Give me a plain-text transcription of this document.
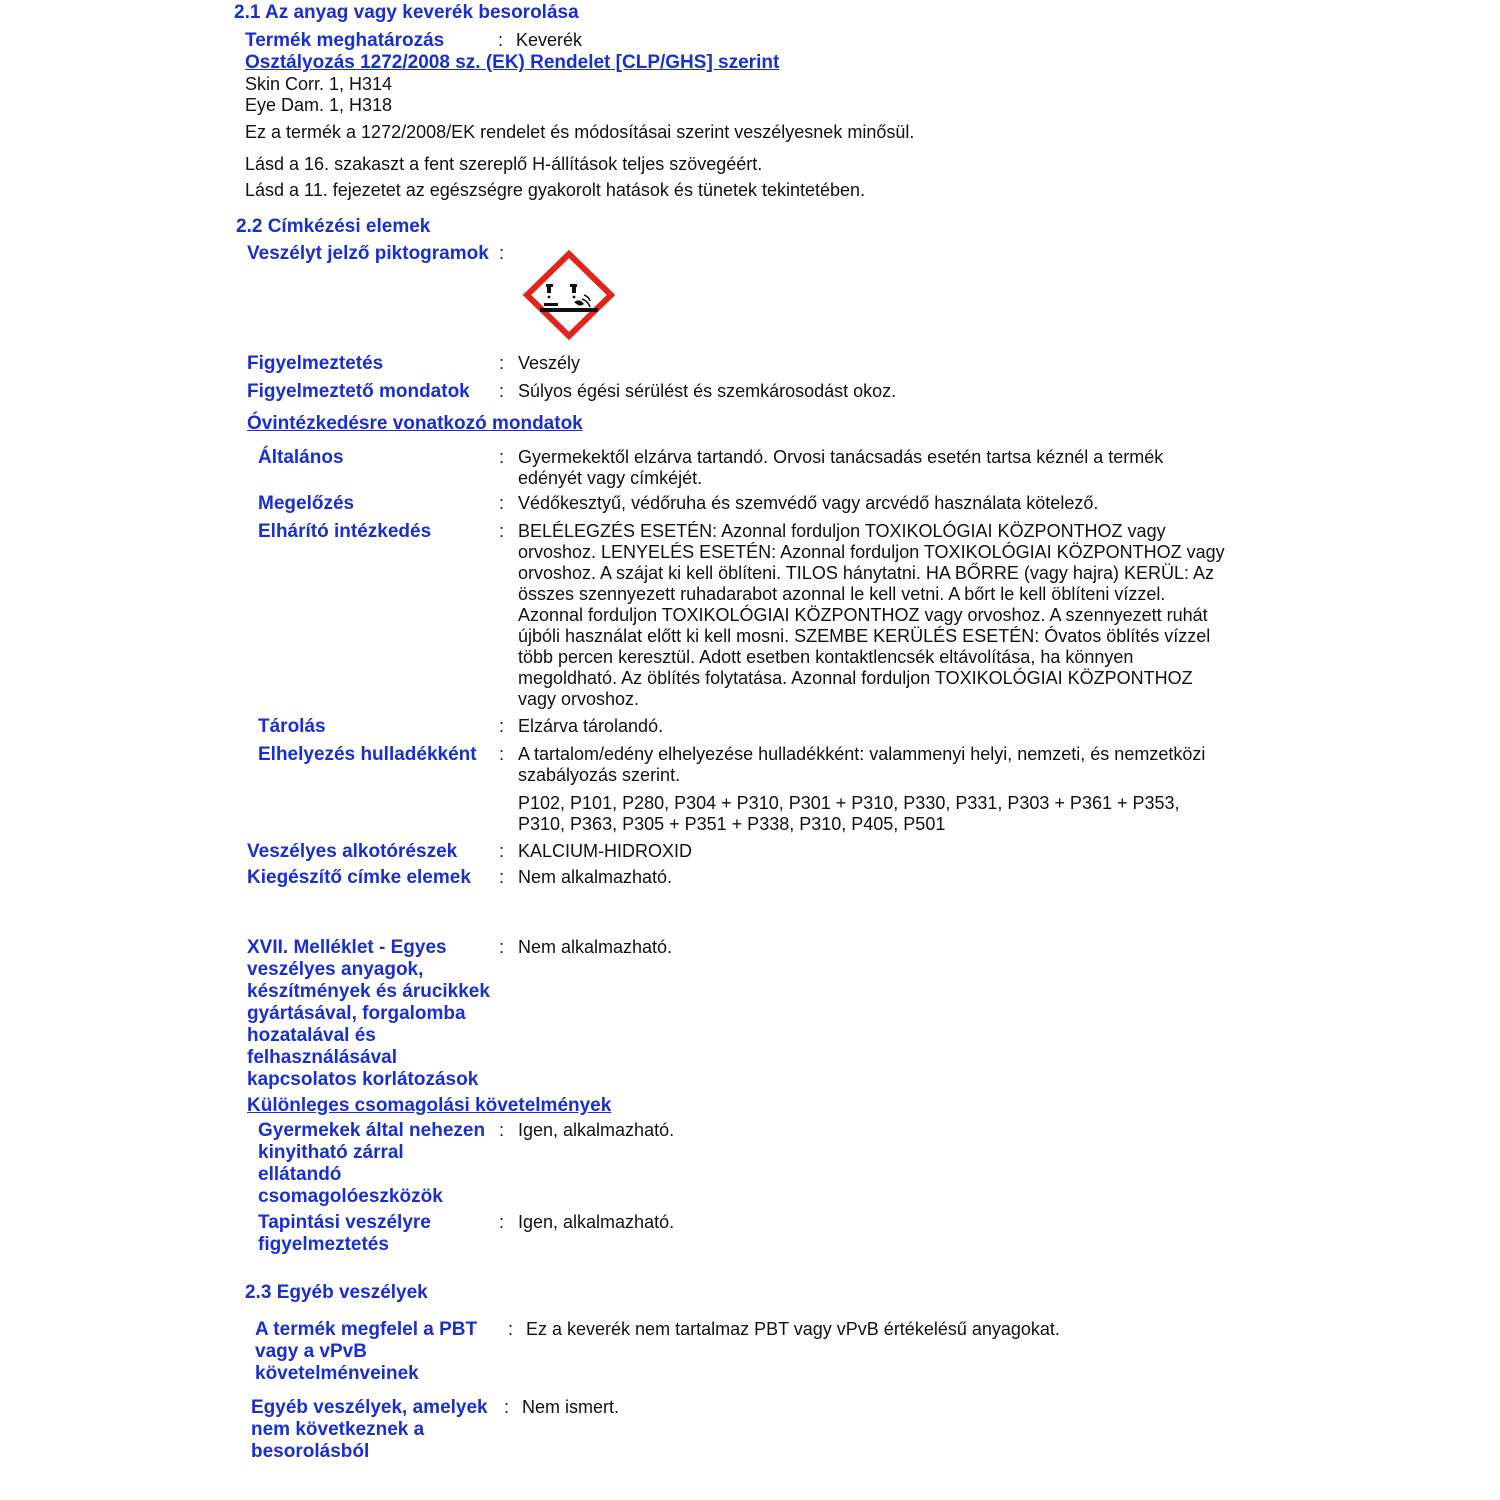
2.1 Az anyag vagy keverék besorolása
Termék meghatározás	: Keverék
Osztályozás 1272/2008 sz. (EK) Rendelet [CLP/GHS] szerint
Skin Corr. 1, H314
Eye Dam. 1, H318
Ez a termék a 1272/2008/EK rendelet és módosításai szerint veszélyesnek minősül.
Lásd a 16. szakaszt a fent szereplő H-állítások teljes szövegéért.
Lásd a 11. fejezetet az egészségre gyakorolt hatások és tünetek tekintetében.
2.2 Címkézési elemek
Veszélyt jelző piktogramok :
Figyelmeztetés	: Veszély
Figyelmeztető mondatok : Súlyos égési sérülést és szemkárosodást okoz.
Óvintézkedésre vonatkozó mondatok
Általános	: Gyermekektől elzárva tartandó. Orvosi tanácsadás esetén tartsa kéznél a termék edényét vagy címkéjét.
Megelőzés	: Védőkesztyű, védőruha és szemvédő vagy arcvédő használata kötelező.
Elhárító intézkedés	: BELÉLEGZÉS ESETÉN: Azonnal forduljon TOXIKOLÓGIAI KÖZPONTHOZ vagy orvoshoz. LENYELÉS ESETÉN: Azonnal forduljon TOXIKOLÓGIAI KÖZPONTHOZ vagy orvoshoz. A szájat ki kell öblíteni. TILOS hánytatni. HA BŐRRE (vagy hajra) KERÜL: Az összes szennyezett ruhadarabot azonnal le kell vetni. A bőrt le kell öblíteni vízzel. Azonnal forduljon TOXIKOLÓGIAI KÖZPONTHOZ vagy orvoshoz. A szennyezett ruhát újbóli használat előtt ki kell mosni. SZEMBE KERÜLÉS ESETÉN: Óvatos öblítés vízzel több percen keresztül. Adott esetben kontaktlencsék eltávolítása, ha könnyen megoldható. Az öblítés folytatása. Azonnal forduljon TOXIKOLÓGIAI KÖZPONTHOZ vagy orvoshoz.
Tárolás	: Elzárva tárolandó.
Elhelyezés hulladékként : A tartalom/edény elhelyezése hulladékként: valammenyi helyi, nemzeti, és nemzetközi szabályozás szerint.
P102, P101, P280, P304 + P310, P301 + P310, P330, P331, P303 + P361 + P353, P310, P363, P305 + P351 + P338, P310, P405, P501
Veszélyes alkotórészek : KALCIUM-HIDROXID
Kiegészítő címke elemek : Nem alkalmazható.
XVII. Melléklet - Egyes veszélyes anyagok, készítmények és árucikkek gyártásával, forgalomba hozatalával és felhasználásával kapcsolatos korlátozások
: Nem alkalmazható.
Különleges csomagolási követelmények
Gyermekek által nehezen kinyitható zárral ellátandó csomagolóeszközök
: Igen, alkalmazható.
Tapintási veszélyre figyelmeztetés
: Igen, alkalmazható.
2.3 Egyéb veszélyek
A termék megfelel a PBT vagy a vPvB követelménveinek
: Ez a keverék nem tartalmaz PBT vagy vPvB értékelésű anyagokat.
Egyéb veszélyek, amelyek nem következnek a besorolásból
: Nem ismert.
